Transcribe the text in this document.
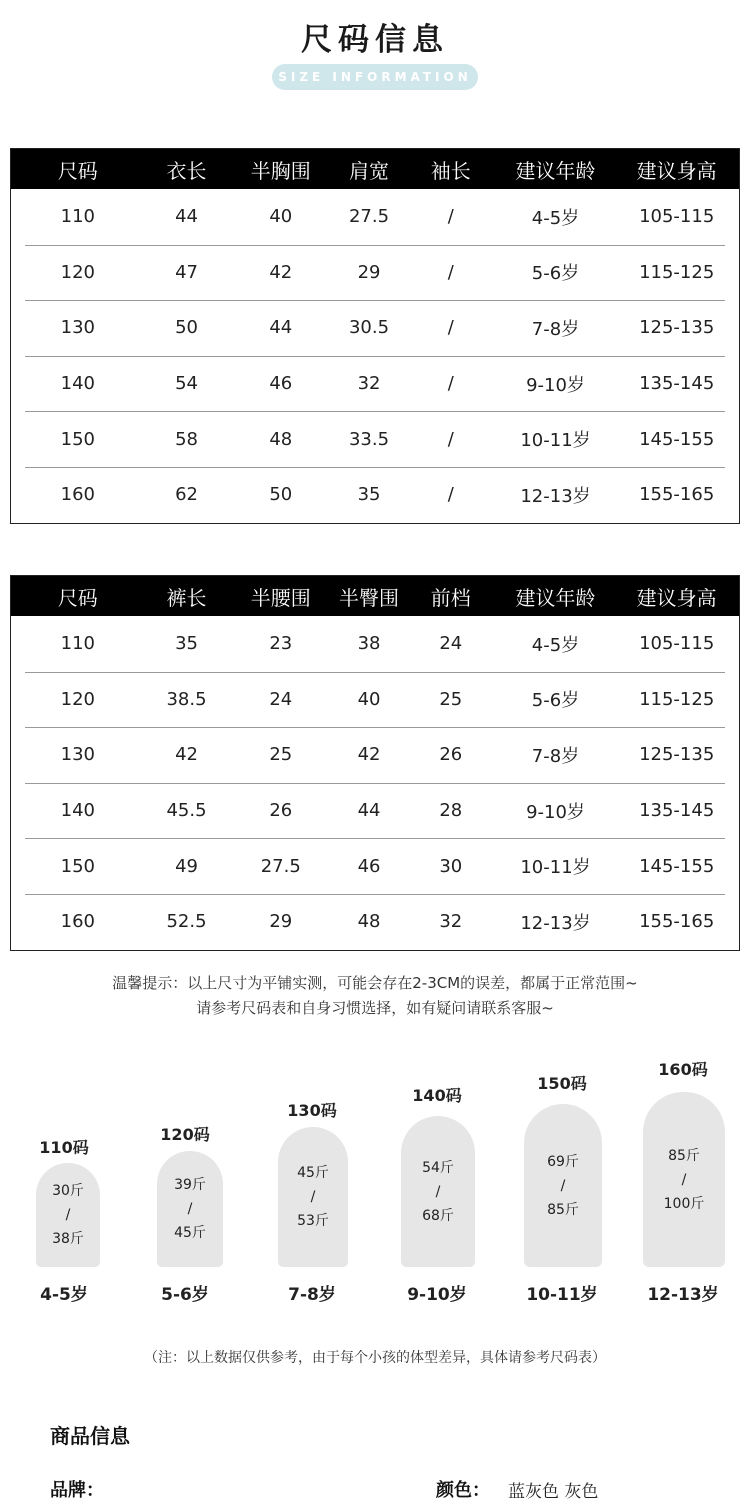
尺码信息
SIZE INFORMATION
尺码	衣长	半胸围	肩宽	袖长	建议年龄	建议身高
110	44	40	27.5	/	4-5岁	105-115
120	47	42	29	/	5-6岁	115-125
130	50	44	30.5	/	7-8岁	125-135
140	54	46	32	/	9-10岁	135-145
150	58	48	33.5	/	10-11岁	145-155
160	62	50	35	/	12-13岁	155-165
尺码	裤长	半腰围	半臀围	前档	建议年龄	建议身高
110	35	23	38	24	4-5岁	105-115
120	38.5	24	40	25	5-6岁	115-125
130	42	25	42	26	7-8岁	125-135
140	45.5	26	44	28	9-10岁	135-145
150	49	27.5	46	30	10-11岁	145-155
160	52.5	29	48	32	12-13岁	155-165
温馨提示：以上尺寸为平铺实测，可能会存在2-3CM的误差，都属于正常范围~
请参考尺码表和自身习惯选择，如有疑问请联系客服~
110码
30斤
/
38斤
4-5岁
120码
39斤
/
45斤
5-6岁
130码
45斤
/
53斤
7-8岁
140码
54斤
/
68斤
9-10岁
150码
69斤
/
85斤
10-11岁
160码
85斤
/
100斤
12-13岁
（注：以上数据仅供参考，由于每个小孩的体型差异，具体请参考尺码表）
商品信息
品牌：	颜色： 蓝灰色 灰色
